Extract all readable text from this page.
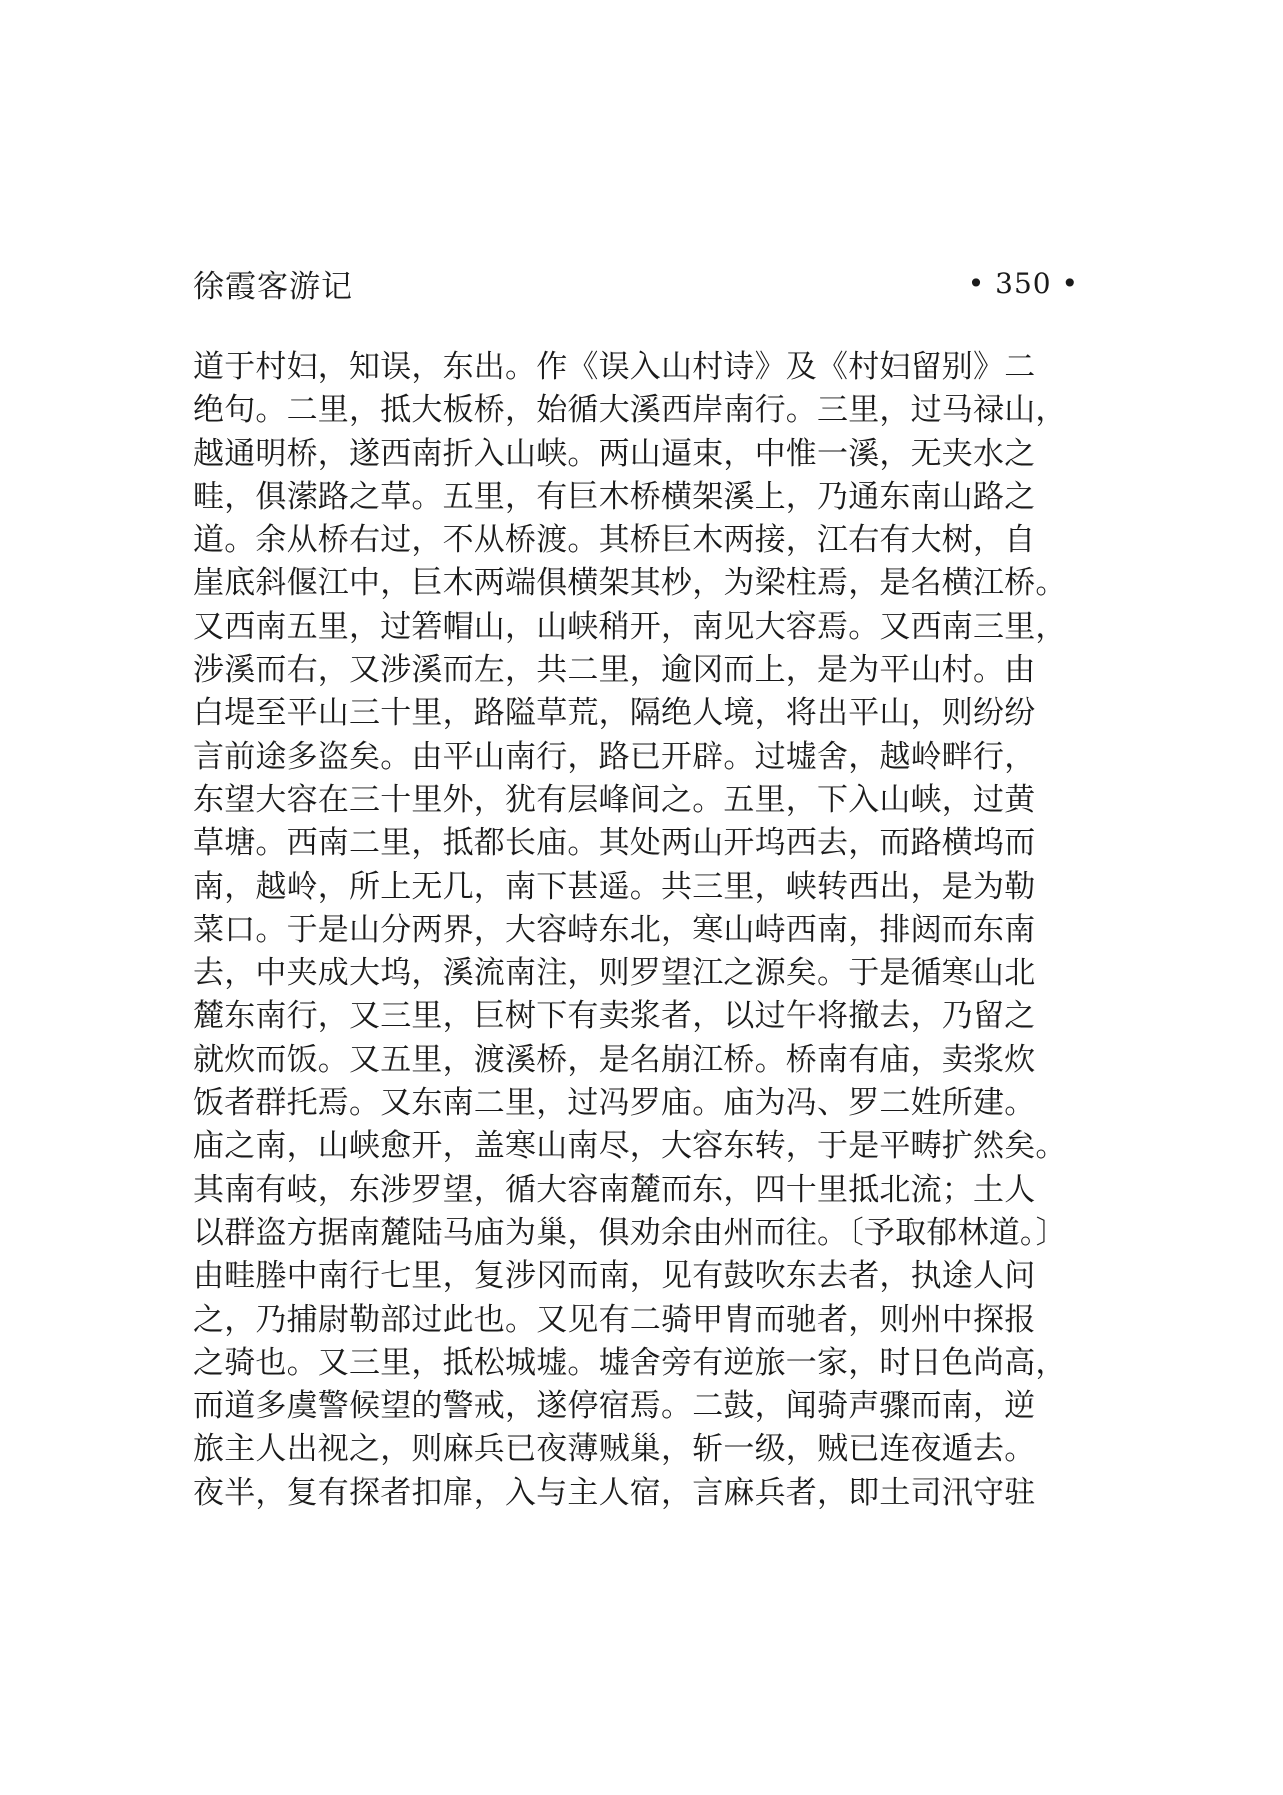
徐霞客游记	• 350 •
道于村妇，知误，东出。作《误入山村诗》及《村妇留别》二
绝句。二里，抵大板桥，始循大溪西岸南行。三里，过马禄山，
越通明桥，遂西南折入山峡。两山逼束，中惟一溪，无夹水之
畦，俱潆路之草。五里，有巨木桥横架溪上，乃通东南山路之
道。余从桥右过，不从桥渡。其桥巨木两接，江右有大树，自
崖底斜偃江中，巨木两端俱横架其杪，为梁柱焉，是名横江桥。
又西南五里，过箬帽山，山峡稍开，南见大容焉。又西南三里，
涉溪而右，又涉溪而左，共二里，逾冈而上，是为平山村。由
白堤至平山三十里，路隘草荒，隔绝人境，将出平山，则纷纷
言前途多盗矣。由平山南行，路已开辟。过墟舍，越岭畔行，
东望大容在三十里外，犹有层峰间之。五里，下入山峡，过黄
草塘。西南二里，抵都长庙。其处两山开坞西去，而路横坞而
南，越岭，所上无几，南下甚遥。共三里，峡转西出，是为勒
菜口。于是山分两界，大容峙东北，寒山峙西南，排闼而东南
去，中夹成大坞，溪流南注，则罗望江之源矣。于是循寒山北
麓东南行，又三里，巨树下有卖浆者，以过午将撤去，乃留之
就炊而饭。又五里，渡溪桥，是名崩江桥。桥南有庙，卖浆炊
饭者群托焉。又东南二里，过冯罗庙。庙为冯、罗二姓所建。
庙之南，山峡愈开，盖寒山南尽，大容东转，于是平畴扩然矣。
其南有岐，东涉罗望，循大容南麓而东，四十里抵北流；土人
以群盗方据南麓陆马庙为巢，俱劝余由州而往。〔予取郁林道。〕
由畦塍中南行七里，复涉冈而南，见有鼓吹东去者，执途人问
之，乃捕尉勒部过此也。又见有二骑甲胄而驰者，则州中探报
之骑也。又三里，抵松城墟。墟舍旁有逆旅一家，时日色尚高，
而道多虞警候望的警戒，遂停宿焉。二鼓，闻骑声骤而南，逆
旅主人出视之，则麻兵已夜薄贼巢，斩一级，贼已连夜遁去。
夜半，复有探者扣扉，入与主人宿，言麻兵者，即土司汛守驻
